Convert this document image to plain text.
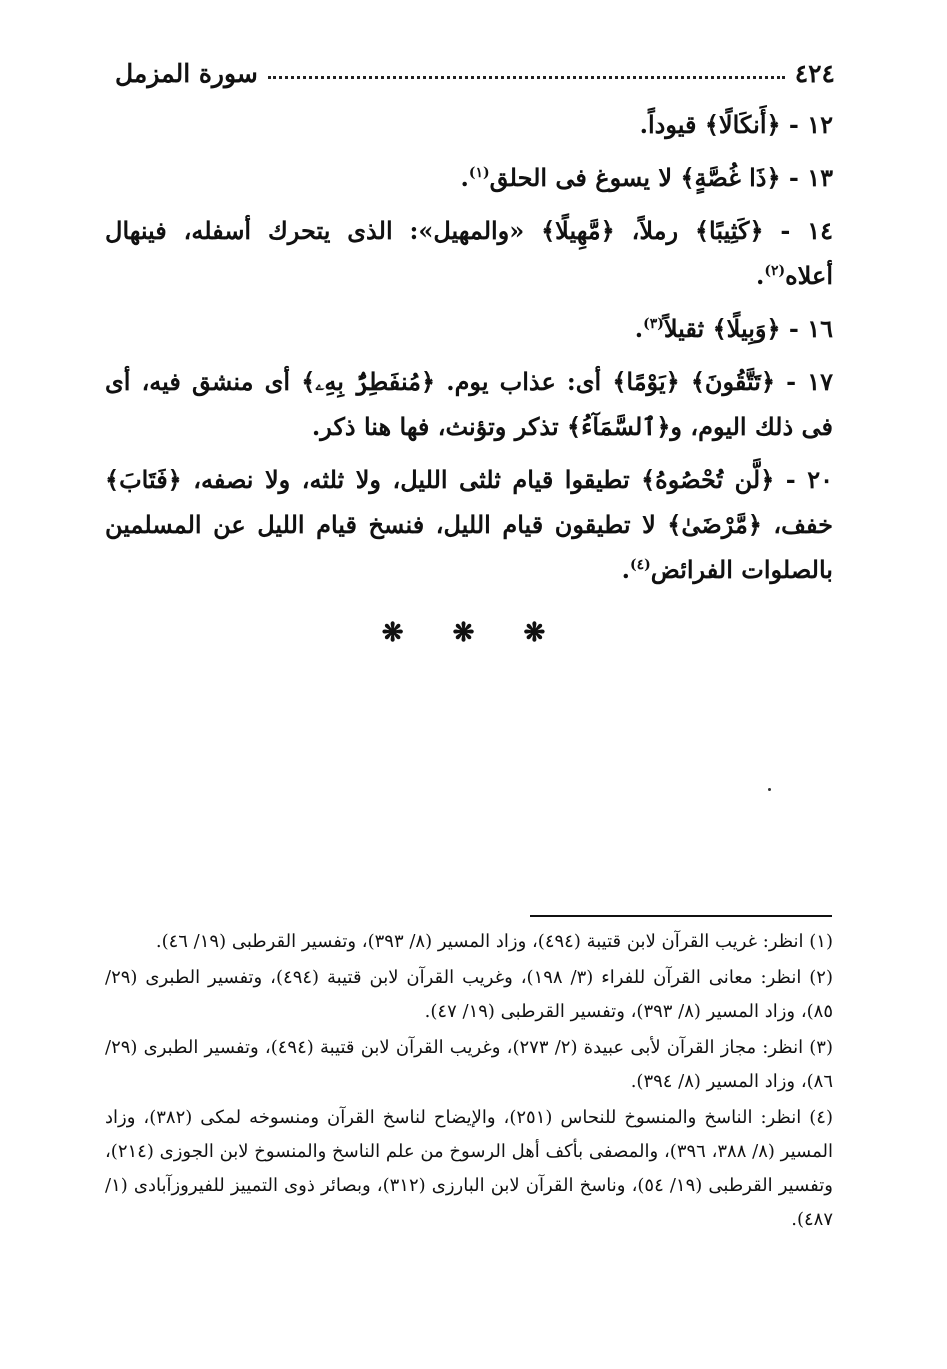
٤٢٤
سورة المزمل

١٢ - ﴿أَنكَالًا﴾ قيوداً.

١٣ - ﴿ذَا غُصَّةٍ﴾ لا يسوغ فى الحلق$^{(١)}$.

١٤ - ﴿كَثِيبًا﴾ رملاً، ﴿مَّهِيلًا﴾ «والمهيل»: الذى يتحرك أسفله، فينهال أعلاه$^{(٢)}$.

١٦ - ﴿وَبِيلًا﴾ ثقيلاً$^{(٣)}$.

١٧ - ﴿تَتَّقُونَ﴾ ﴿يَوْمًا﴾ أى: عذاب يوم. ﴿مُنفَطِرٌۢ بِهِۦ﴾ أى منشق فيه، أى فى ذلك اليوم، و﴿ٱلسَّمَآءُ﴾ تذكر وتؤنث، فها هنا ذكر.

٢٠ - ﴿لَّن تُحْصُوهُ﴾ تطيقوا قيام ثلثى الليل، ولا ثلثه، ولا نصفه، ﴿فَتَابَ﴾ خفف، ﴿مَّرْضَىٰ﴾ لا تطيقون قيام الليل، فنسخ قيام الليل عن المسلمين بالصلوات الفرائض$^{(٤)}$.

❋ ❋ ❋

(١) انظر: غريب القرآن لابن قتيبة (٤٩٤)، وزاد المسير (٨/ ٣٩٣)، وتفسير القرطبى (١٩/ ٤٦).

(٢) انظر: معانى القرآن للفراء (٣/ ١٩٨)، وغريب القرآن لابن قتيبة (٤٩٤)، وتفسير الطبرى (٢٩/ ٨٥)، وزاد المسير (٨/ ٣٩٣)، وتفسير القرطبى (١٩/ ٤٧).

(٣) انظر: مجاز القرآن لأبى عبيدة (٢/ ٢٧٣)، وغريب القرآن لابن قتيبة (٤٩٤)، وتفسير الطبرى (٢٩/ ٨٦)، وزاد المسير (٨/ ٣٩٤).

(٤) انظر: الناسخ والمنسوخ للنحاس (٢٥١)، والإيضاح لناسخ القرآن ومنسوخه لمكى (٣٨٢)، وزاد المسير (٨/ ٣٨٨، ٣٩٦)، والمصفى بأكف أهل الرسوخ من علم الناسخ والمنسوخ لابن الجوزى (٢١٤)، وتفسير القرطبى (١٩/ ٥٤)، وناسخ القرآن لابن البارزى (٣١٢)، وبصائر ذوى التمييز للفيروزآبادى (١/ ٤٨٧).
